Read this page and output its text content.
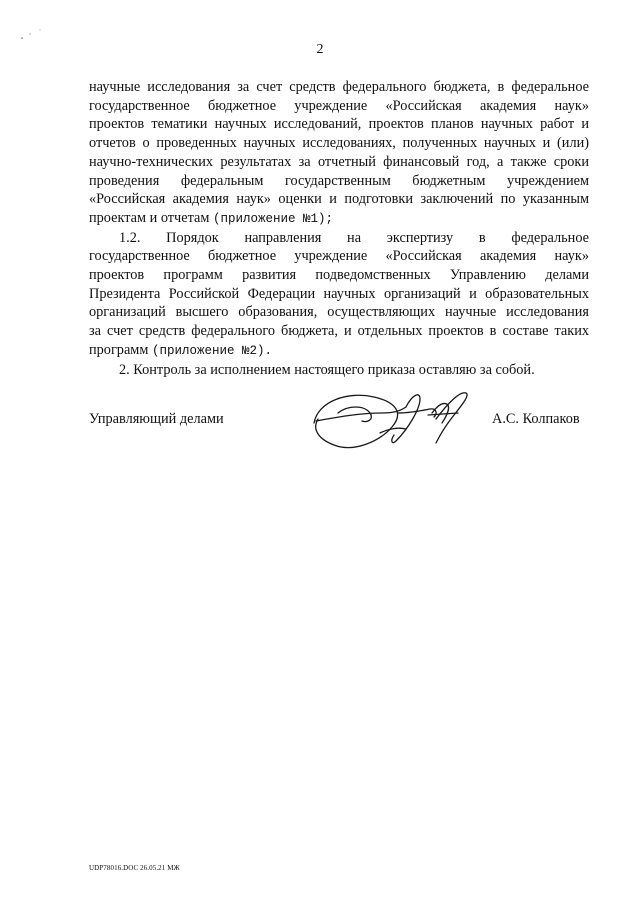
2

научные исследования за счет средств федерального бюджета, в федеральное

государственное бюджетное учреждение «Российская академия наук»

проектов тематики научных исследований, проектов планов научных работ и

отчетов о проведенных научных исследованиях, полученных научных и (или)

научно-технических результатах за отчетный финансовый год, а также сроки

проведения федеральным государственным бюджетным учреждением

«Российская академия наук» оценки и подготовки заключений по указанным

проектам и отчетам (приложение №1);

1.2. Порядок направления на экспертизу в федеральное

государственное бюджетное учреждение «Российская академия наук»

проектов программ развития подведомственных Управлению делами

Президента Российской Федерации научных организаций и образовательных

организаций высшего образования, осуществляющих научные исследования

за счет средств федерального бюджета, и отдельных проектов в составе таких

программ (приложение №2).

2. Контроль за исполнением настоящего приказа оставляю за собой.

Управляющий делами	А.С. Колпаков
UDP78016.DOC 26.05.21 МЖ
